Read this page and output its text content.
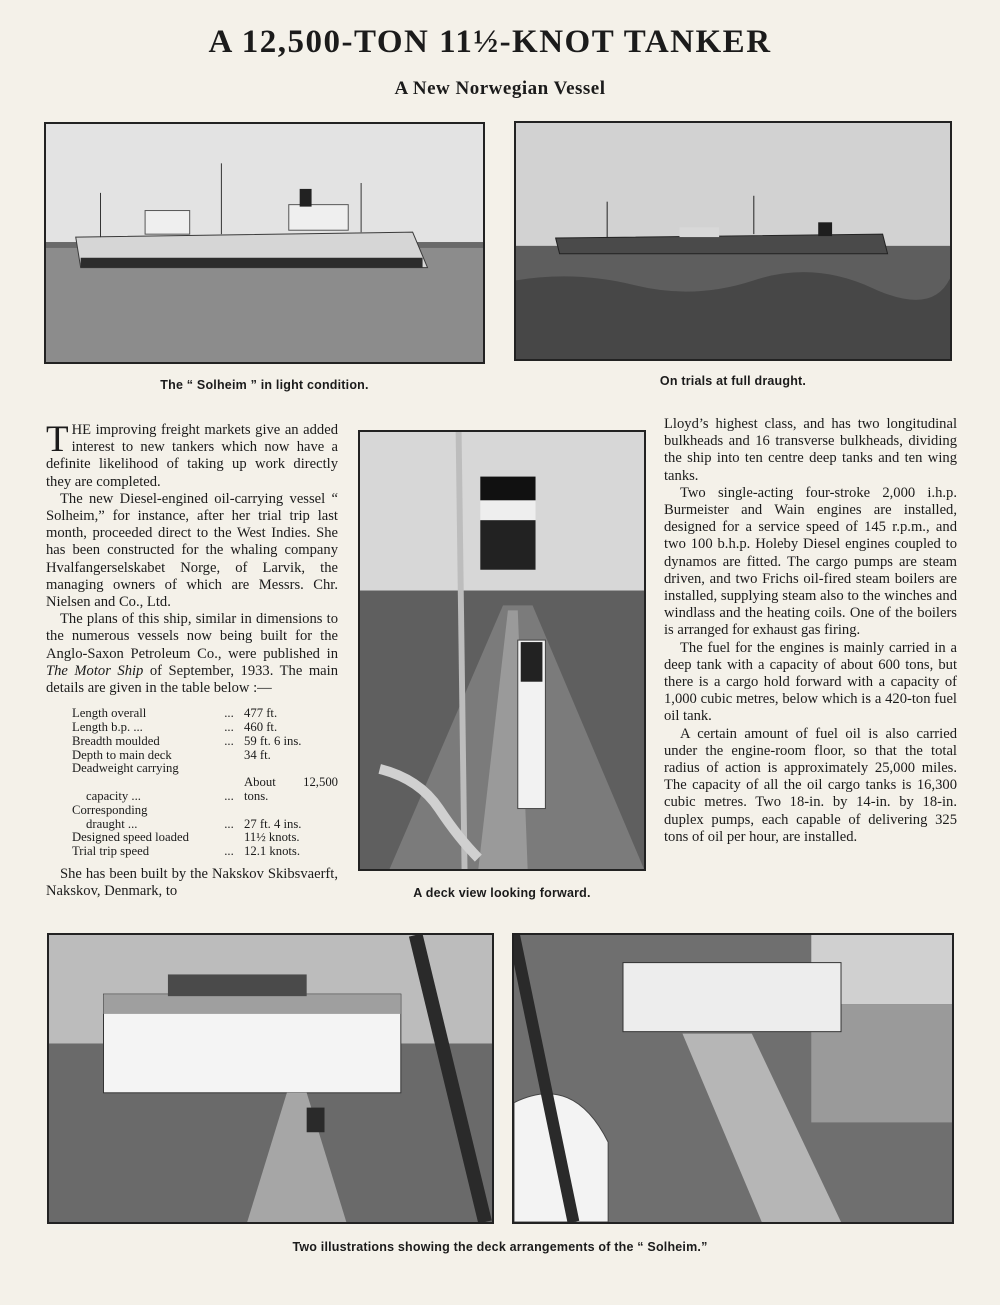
A 12,500-TON 11½-KNOT TANKER
A New Norwegian Vessel
The “ Solheim ” in light condition.	On trials at full draught.

THE improving freight markets give an added interest to new tankers which now have a definite likelihood of taking up work directly they are completed.

The new Diesel-engined oil-carrying vessel “ Solheim,” for instance, after her trial trip last month, proceeded direct to the West Indies. She has been constructed for the whaling company Hvalfangerselskabet Norge, of Larvik, the managing owners of which are Messrs. Chr. Nielsen and Co., Ltd.

The plans of this ship, similar in dimensions to the numerous vessels now being built for the Anglo-Saxon Petroleum Co., were published in The Motor Ship of September, 1933. The main details are given in the table below :—

Length overall	...	477 ft.
Length b.p. ...	...	460 ft.
Breadth moulded	...	59 ft. 6 ins.
Depth to main deck		34 ft.
Deadweight carrying		
capacity ...	...	About 12,500 tons.
Corresponding		
draught ...	...	27 ft. 4 ins.
Designed speed loaded		11½ knots.
Trial trip speed	...	12.1 knots.

She has been built by the Nakskov Skibsvaerft, Nakskov, Denmark, to	A deck view looking forward.

Lloyd’s highest class, and has two longitudinal bulkheads and 16 transverse bulkheads, dividing the ship into ten centre deep tanks and ten wing tanks.

Two single-acting four-stroke 2,000 i.h.p. Burmeister and Wain engines are installed, designed for a service speed of 145 r.p.m., and two 100 b.h.p. Holeby Diesel engines coupled to dynamos are fitted. The cargo pumps are steam driven, and two Frichs oil-fired steam boilers are installed, supplying steam also to the winches and windlass and the heating coils. One of the boilers is arranged for exhaust gas firing.

The fuel for the engines is mainly carried in a deep tank with a capacity of about 600 tons, but there is a cargo hold forward with a capacity of 1,000 cubic metres, below which is a 420-ton fuel oil tank.

A certain amount of fuel oil is also carried under the engine-room floor, so that the total radius of action is approximately 25,000 miles. The capacity of all the oil cargo tanks is 16,300 cubic metres. Two 18-in. by 14-in. by 18-in. duplex pumps, each capable of delivering 325 tons of oil per hour, are installed.

Two illustrations showing the deck arrangements of the “ Solheim.”
